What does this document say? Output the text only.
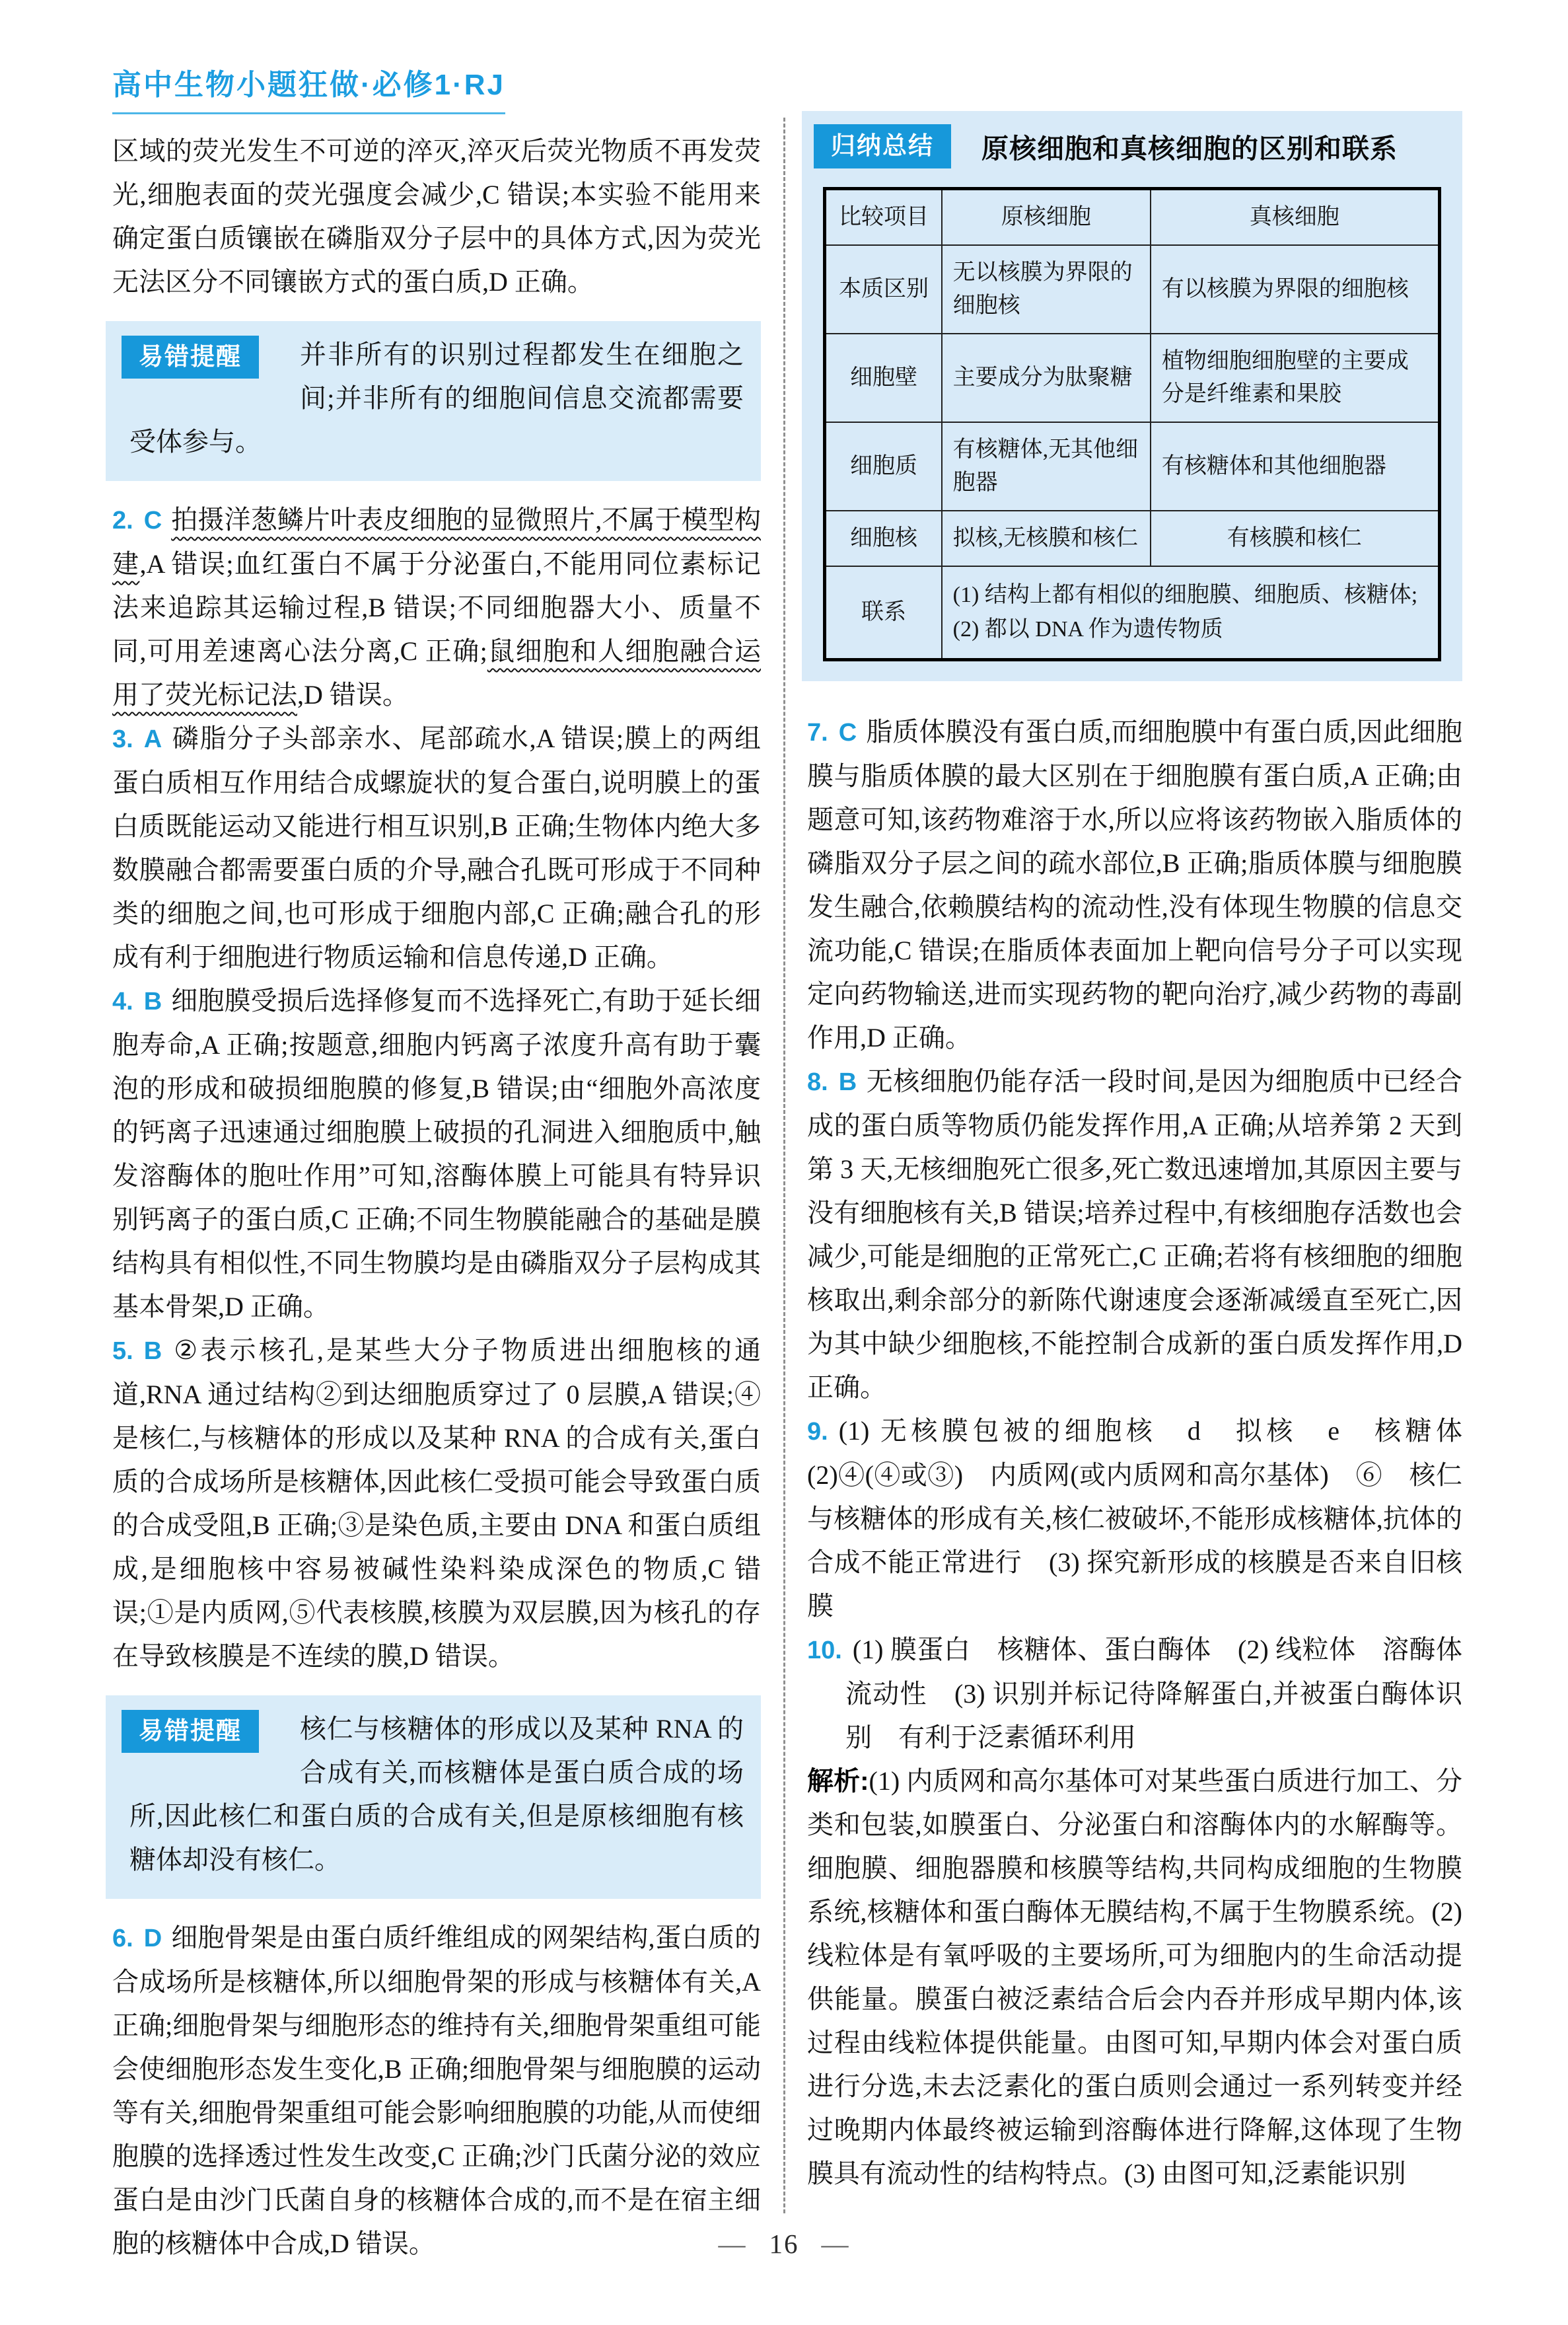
高中生物小题狂做·必修1·RJ

区域的荧光发生不可逆的淬灭,淬灭后荧光物质不再发荧光,细胞表面的荧光强度会减少,C 错误;本实验不能用来确定蛋白质镶嵌在磷脂双分子层中的具体方式,因为荧光无法区分不同镶嵌方式的蛋白质,D 正确。

易错提醒	并非所有的识别过程都发生在细胞之间;并非所有的细胞间信息交流都需要受体参与。

2. C 拍摄洋葱鳞片叶表皮细胞的显微照片,不属于模型构建,A 错误;血红蛋白不属于分泌蛋白,不能用同位素标记法来追踪其运输过程,B 错误;不同细胞器大小、质量不同,可用差速离心法分离,C 正确;鼠细胞和人细胞融合运用了荧光标记法,D 错误。

3. A 磷脂分子头部亲水、尾部疏水,A 错误;膜上的两组蛋白质相互作用结合成螺旋状的复合蛋白,说明膜上的蛋白质既能运动又能进行相互识别,B 正确;生物体内绝大多数膜融合都需要蛋白质的介导,融合孔既可形成于不同种类的细胞之间,也可形成于细胞内部,C 正确;融合孔的形成有利于细胞进行物质运输和信息传递,D 正确。

4. B 细胞膜受损后选择修复而不选择死亡,有助于延长细胞寿命,A 正确;按题意,细胞内钙离子浓度升高有助于囊泡的形成和破损细胞膜的修复,B 错误;由“细胞外高浓度的钙离子迅速通过细胞膜上破损的孔洞进入细胞质中,触发溶酶体的胞吐作用”可知,溶酶体膜上可能具有特异识别钙离子的蛋白质,C 正确;不同生物膜能融合的基础是膜结构具有相似性,不同生物膜均是由磷脂双分子层构成其基本骨架,D 正确。

5. B ②表示核孔,是某些大分子物质进出细胞核的通道,RNA 通过结构②到达细胞质穿过了 0 层膜,A 错误;④是核仁,与核糖体的形成以及某种 RNA 的合成有关,蛋白质的合成场所是核糖体,因此核仁受损可能会导致蛋白质的合成受阻,B 正确;③是染色质,主要由 DNA 和蛋白质组成,是细胞核中容易被碱性染料染成深色的物质,C 错误;①是内质网,⑤代表核膜,核膜为双层膜,因为核孔的存在导致核膜是不连续的膜,D 错误。

易错提醒	核仁与核糖体的形成以及某种 RNA 的合成有关,而核糖体是蛋白质合成的场所,因此核仁和蛋白质的合成有关,但是原核细胞有核糖体却没有核仁。

6. D 细胞骨架是由蛋白质纤维组成的网架结构,蛋白质的合成场所是核糖体,所以细胞骨架的形成与核糖体有关,A 正确;细胞骨架与细胞形态的维持有关,细胞骨架重组可能会使细胞形态发生变化,B 正确;细胞骨架与细胞膜的运动等有关,细胞骨架重组可能会影响细胞膜的功能,从而使细胞膜的选择透过性发生改变,C 正确;沙门氏菌分泌的效应蛋白是由沙门氏菌自身的核糖体合成的,而不是在宿主细胞的核糖体中合成,D 错误。

归纳总结	原核细胞和真核细胞的区别和联系
比较项目	原核细胞	真核细胞
本质区别	无以核膜为界限的细胞核	有以核膜为界限的细胞核
细胞壁	主要成分为肽聚糖	植物细胞细胞壁的主要成分是纤维素和果胶
细胞质	有核糖体,无其他细胞器	有核糖体和其他细胞器
细胞核	拟核,无核膜和核仁	有核膜和核仁
联系	(1) 结构上都有相似的细胞膜、细胞质、核糖体;
(2) 都以 DNA 作为遗传物质	

7. C 脂质体膜没有蛋白质,而细胞膜中有蛋白质,因此细胞膜与脂质体膜的最大区别在于细胞膜有蛋白质,A 正确;由题意可知,该药物难溶于水,所以应将该药物嵌入脂质体的磷脂双分子层之间的疏水部位,B 正确;脂质体膜与细胞膜发生融合,依赖膜结构的流动性,没有体现生物膜的信息交流功能,C 错误;在脂质体表面加上靶向信号分子可以实现定向药物输送,进而实现药物的靶向治疗,减少药物的毒副作用,D 正确。

8. B 无核细胞仍能存活一段时间,是因为细胞质中已经合成的蛋白质等物质仍能发挥作用,A 正确;从培养第 2 天到第 3 天,无核细胞死亡很多,死亡数迅速增加,其原因主要与没有细胞核有关,B 错误;培养过程中,有核细胞存活数也会减少,可能是细胞的正常死亡,C 正确;若将有核细胞的细胞核取出,剩余部分的新陈代谢速度会逐渐减缓直至死亡,因为其中缺少细胞核,不能控制合成新的蛋白质发挥作用,D 正确。

9. (1) 无核膜包被的细胞核　d　拟核　e　核糖体　(2)④(④或③)　内质网(或内质网和高尔基体)　⑥　核仁与核糖体的形成有关,核仁被破坏,不能形成核糖体,抗体的合成不能正常进行　(3) 探究新形成的核膜是否来自旧核膜

10. (1) 膜蛋白　核糖体、蛋白酶体　(2) 线粒体　溶酶体　流动性　(3) 识别并标记待降解蛋白,并被蛋白酶体识别　有利于泛素循环利用

解析:(1) 内质网和高尔基体可对某些蛋白质进行加工、分类和包装,如膜蛋白、分泌蛋白和溶酶体内的水解酶等。细胞膜、细胞器膜和核膜等结构,共同构成细胞的生物膜系统,核糖体和蛋白酶体无膜结构,不属于生物膜系统。(2) 线粒体是有氧呼吸的主要场所,可为细胞内的生命活动提供能量。膜蛋白被泛素结合后会内吞并形成早期内体,该过程由线粒体提供能量。由图可知,早期内体会对蛋白质进行分选,未去泛素化的蛋白质则会通过一系列转变并经过晚期内体最终被运输到溶酶体进行降解,这体现了生物膜具有流动性的结构特点。(3) 由图可知,泛素能识别

— 16 —
